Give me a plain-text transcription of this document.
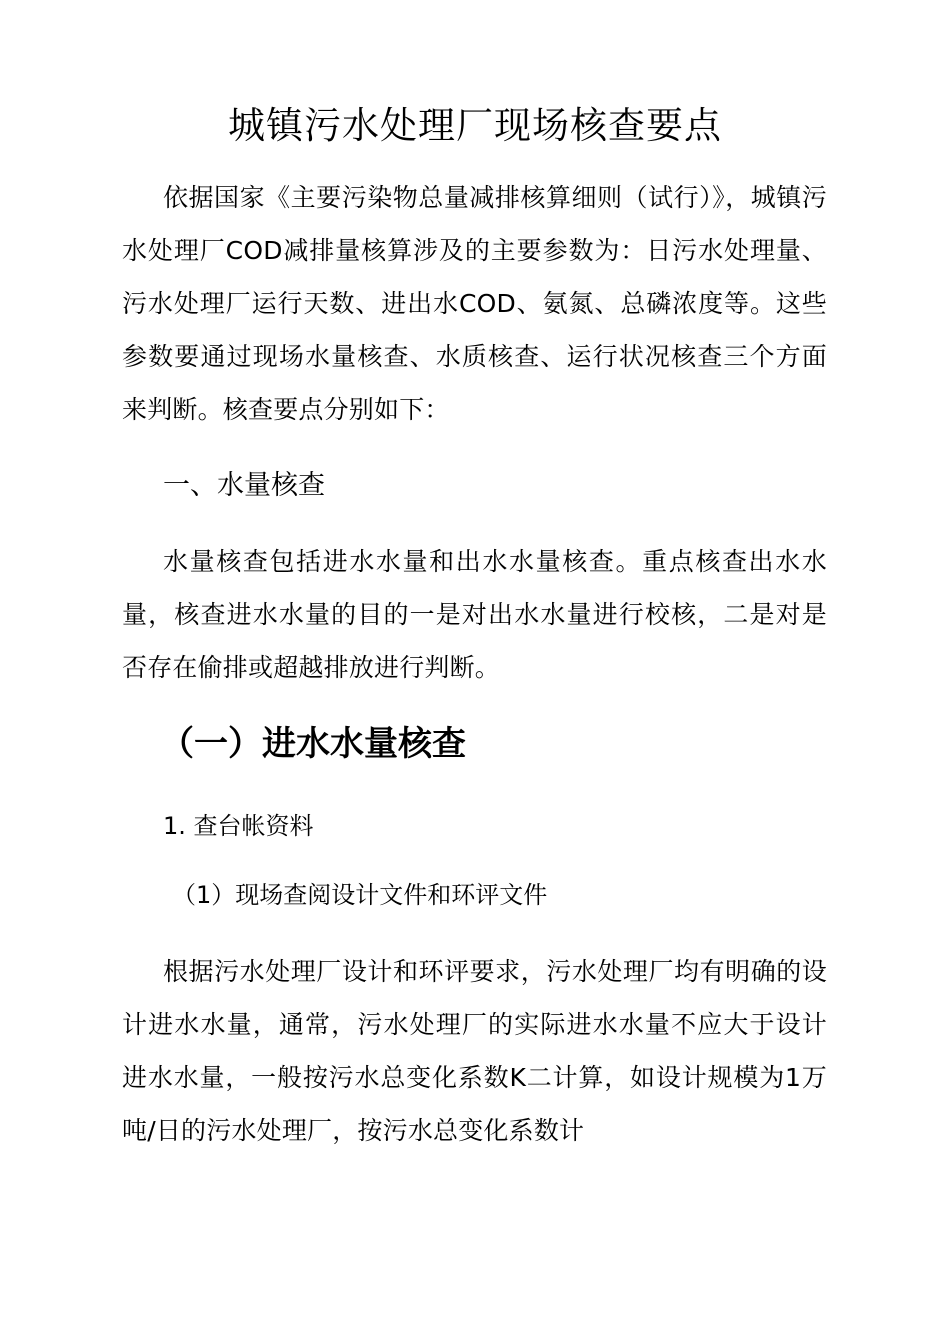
城镇污水处理厂现场核查要点

依据国家《主要污染物总量减排核算细则（试行）》，城镇污水处理厂COD减排量核算涉及的主要参数为：日污水处理量、污水处理厂运行天数、进出水COD、氨氮、总磷浓度等。这些参数要通过现场水量核查、水质核查、运行状况核查三个方面来判断。核查要点分别如下：

一、水量核查

水量核查包括进水水量和出水水量核查。重点核查出水水量，核查进水水量的目的一是对出水水量进行校核，二是对是否存在偷排或超越排放进行判断。

（一）进水水量核查
1. 查台帐资料
（1）现场查阅设计文件和环评文件

根据污水处理厂设计和环评要求，污水处理厂均有明确的设计进水水量，通常，污水处理厂的实际进水水量不应大于设计进水水量，一般按污水总变化系数K二计算，如设计规模为1万吨/日的污水处理厂，按污水总变化系数计
